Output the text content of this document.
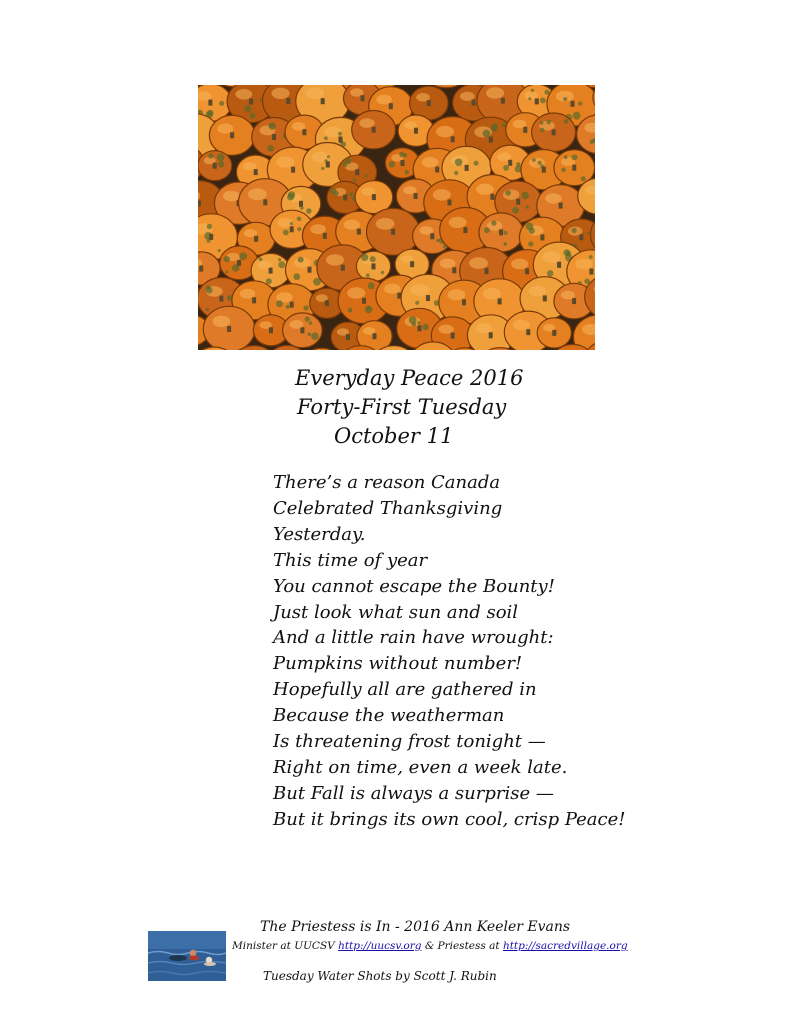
Everyday Peace 2016
Forty-First Tuesday
October 11
There’s a reason Canada
Celebrated Thanksgiving
Yesterday.
This time of year
You cannot escape the Bounty!
Just look what sun and soil
And a little rain have wrought:
Pumpkins without number!
Hopefully all are gathered in
Because the weatherman
Is threatening frost tonight —
Right on time, even a week late.
But Fall is always a surprise —
But it brings its own cool, crisp Peace!
The Priestess is In - 2016 Ann Keeler Evans
Minister at UUCSV http://uucsv.org & Priestess at http://sacredvillage.org
Tuesday Water Shots by Scott J. Rubin
